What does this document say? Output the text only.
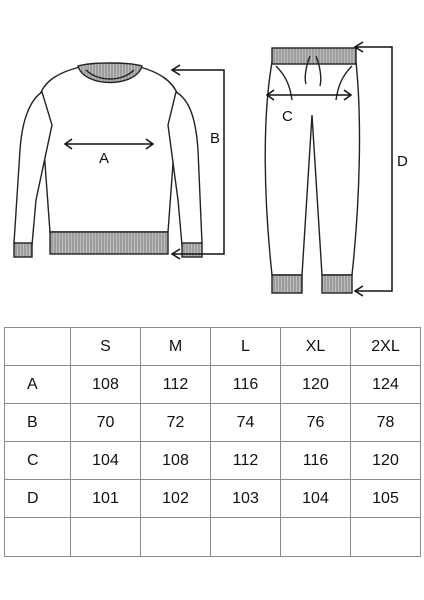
A
B
C
D
	S	M	L	XL	2XL
A	108	112	116	120	124
B	70	72	74	76	78
C	104	108	112	116	120
D	101	102	103	104	105
